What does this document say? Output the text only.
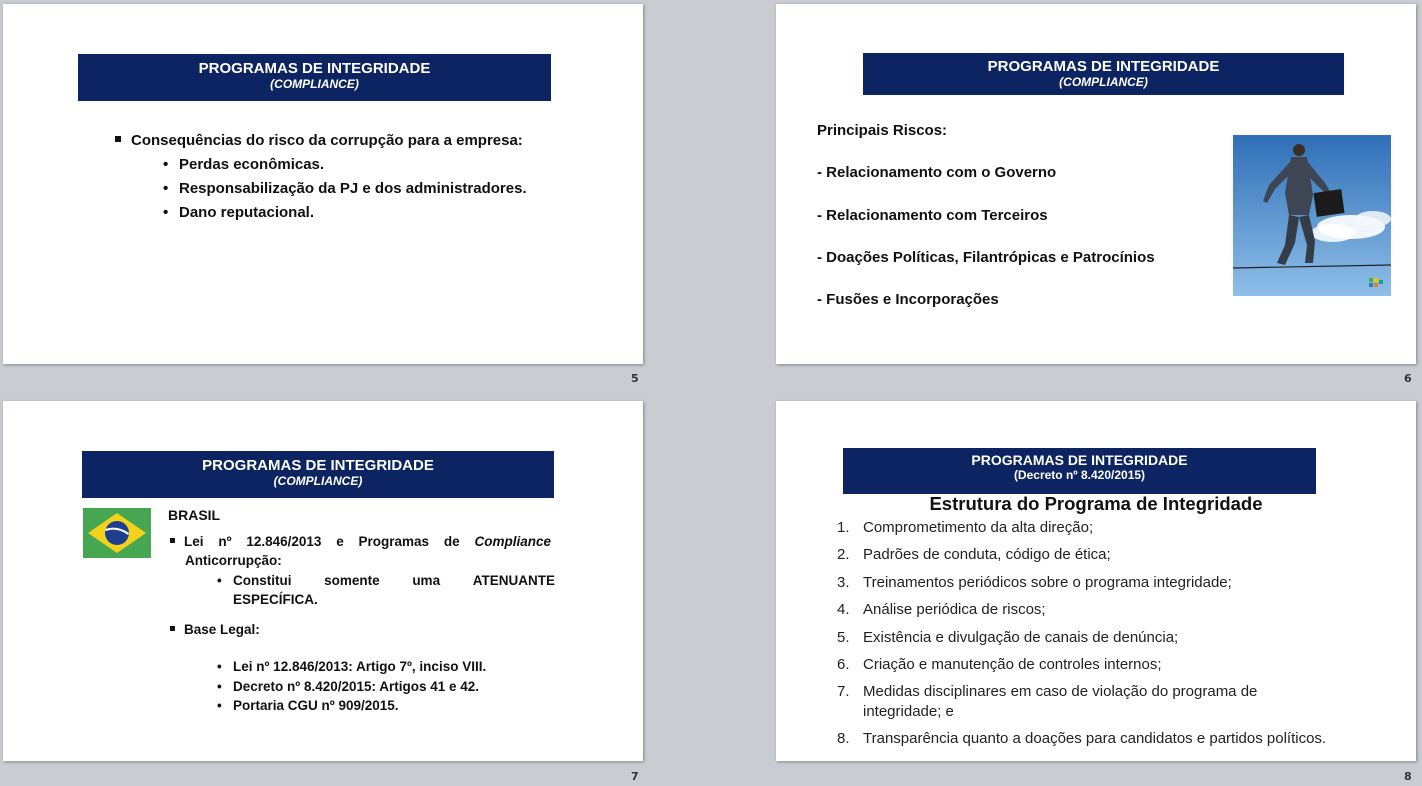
PROGRAMAS DE INTEGRIDADE
(COMPLIANCE)
Consequências do risco da corrupção para a empresa:
• Perdas econômicas.
• Responsabilização da PJ e dos administradores.
• Dano reputacional.
5
PROGRAMAS DE INTEGRIDADE
(COMPLIANCE)
Principais Riscos:
- Relacionamento com o Governo
- Relacionamento com Terceiros
- Doações Políticas, Filantrópicas e Patrocínios
- Fusões e Incorporações
6
PROGRAMAS DE INTEGRIDADE
(COMPLIANCE)
BRASIL
Lei nº 12.846/2013 e Programas de Compliance
Anticorrupção:
• Constitui somente uma ATENUANTE
ESPECÍFICA.
Base Legal:
• Lei nº 12.846/2013: Artigo 7º, inciso VIII.
• Decreto nº 8.420/2015: Artigos 41 e 42.
• Portaria CGU nº 909/2015.
7
PROGRAMAS DE INTEGRIDADE
(Decreto nº 8.420/2015)
Estrutura do Programa de Integridade
1. Comprometimento da alta direção;
2. Padrões de conduta, código de ética;
3. Treinamentos periódicos sobre o programa integridade;
4. Análise periódica de riscos;
5. Existência e divulgação de canais de denúncia;
6. Criação e manutenção de controles internos;
7. Medidas disciplinares em caso de violação do programa de integridade; e
8. Transparência quanto a doações para candidatos e partidos políticos.
8
